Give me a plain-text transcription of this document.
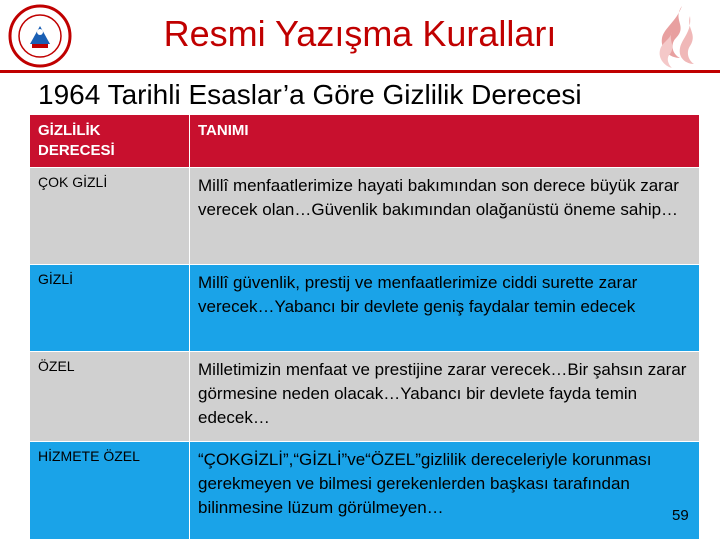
Resmi Yazışma Kuralları
1964 Tarihli Esaslar’a Göre Gizlilik Derecesi
GİZLİLİK DERECESİ	TANIMI
ÇOK GİZLİ	Millî menfaatlerimize hayati bakımından son derece büyük zarar verecek olan…Güvenlik bakımından olağanüstü öneme sahip…
GİZLİ	Millî güvenlik, prestij ve menfaatlerimize ciddi surette zarar verecek…Yabancı bir devlete geniş faydalar temin edecek
ÖZEL	Milletimizin menfaat ve prestijine zarar verecek…Bir şahsın zarar görmesine neden olacak…Yabancı bir devlete fayda temin edecek…
HİZMETE ÖZEL	“ÇOKGİZLİ”,“GİZLİ”ve“ÖZEL”gizlilik dereceleriyle korunması gerekmeyen ve bilmesi gerekenlerden başkası tarafından bilinmesine lüzum görülmeyen…	59
